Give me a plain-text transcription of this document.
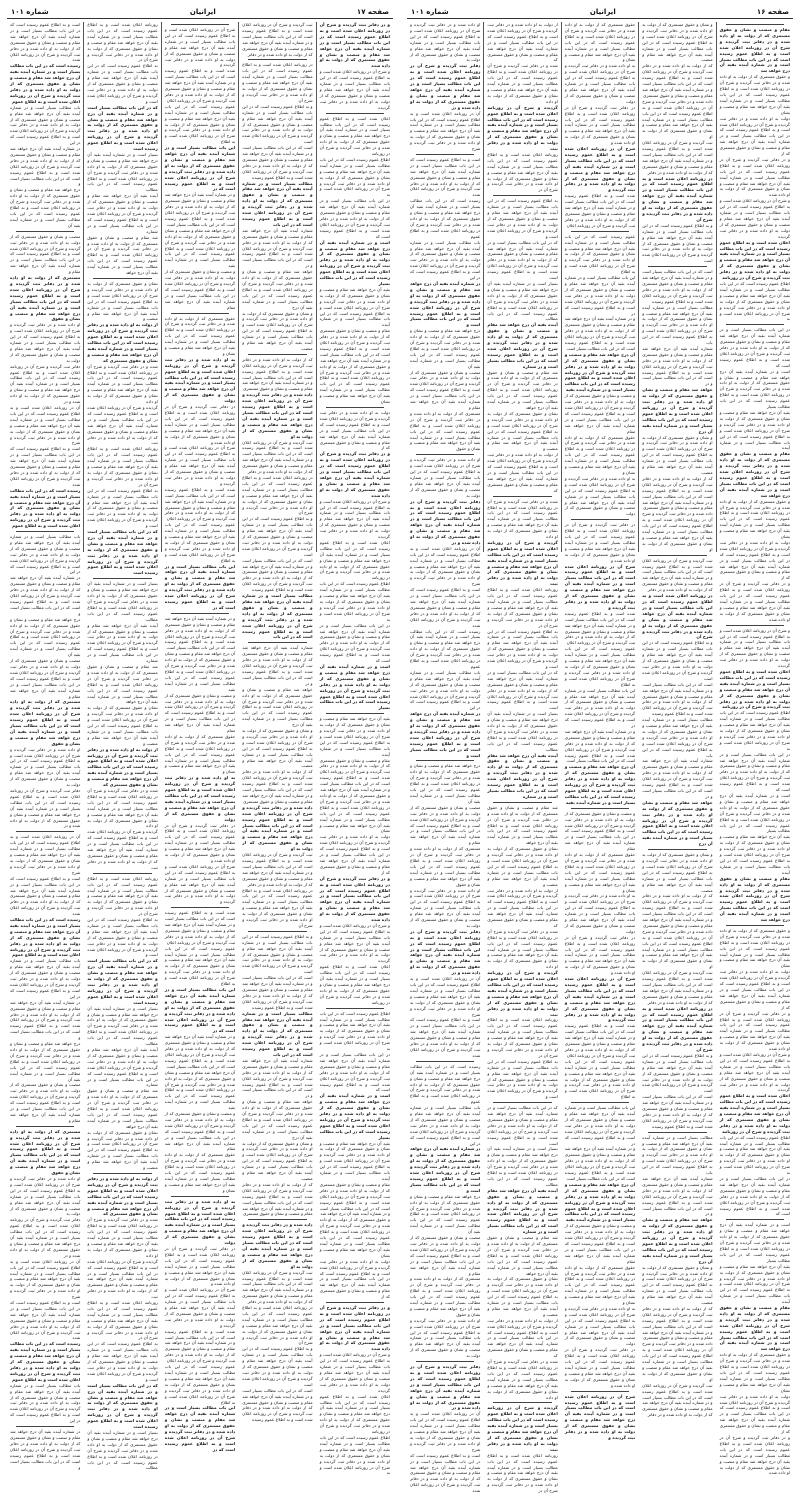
صفحه ۱۶
ایرانیان
شماره ۱۰۱

مقام و منصب و نشان و حقوق مستمری که از دولت به او داده شده و در دفاتر ثبت گردیده و شرح آن در روزنامه اعلان شده است و به اطلاع عموم رسیده است که در این باب مطالب بسیار است و در شماره آینده بقیه آن درج خواهد شد

و حقوق مستمری که از دولت به او داده شده و در دفاتر ثبت گردیده و شرح آن در روزنامه اعلان شده است و به اطلاع عموم رسیده است که در این باب مطالب بسیار است و در شماره آینده بقیه آن درج خواهد شد مقام و منصب و نشان

دولت به او داده شده و در دفاتر ثبت گردیده و شرح آن در روزنامه اعلان شده است و به اطلاع عموم رسیده است که در این باب مطالب بسیار است و در شماره آینده بقیه آن درج خواهد شد مقام و منصب و نشان و حقوق مستمری که از

و در دفاتر ثبت گردیده و شرح آن در روزنامه اعلان شده است و به اطلاع عموم رسیده است که در این باب مطالب بسیار است و در شماره آینده بقیه آن درج خواهد شد مقام و منصب و نشان و حقوق مستمری که از دولت به او داده شده

و شرح آن در روزنامه اعلان شده است و به اطلاع عموم رسیده است که در این باب مطالب بسیار است و در شماره آینده بقیه آن درج خواهد شد مقام و منصب و نشان و حقوق مستمری که از دولت به او داده شده و در دفاتر ثبت گردیده

اعلان شده است و به اطلاع عموم رسیده است که در این باب مطالب بسیار است و در شماره آینده بقیه آن درج خواهد شد مقام و منصب و نشان و حقوق مستمری که از دولت به او داده شده و در دفاتر ثبت گردیده و شرح آن در روزنامه

اطلاع عموم رسیده است که در این باب مطالب بسیار است و در شماره آینده بقیه آن درج خواهد شد مقام و منصب و نشان و حقوق مستمری که از دولت به او داده شده و در دفاتر ثبت گردیده و شرح آن در روزنامه اعلان شده است و به

در این باب مطالب بسیار است و در شماره آینده بقیه آن درج خواهد شد مقام و منصب و نشان و حقوق مستمری که از دولت به او داده شده و در دفاتر ثبت گردیده و شرح آن در روزنامه اعلان شده است و به اطلاع عموم رسیده است که

است و در شماره آینده بقیه آن درج خواهد شد مقام و منصب و نشان و حقوق مستمری که از دولت به او داده شده و در دفاتر ثبت گردیده و شرح آن در روزنامه اعلان شده است و به اطلاع عموم رسیده است که در این باب مطالب بسیار

بقیه آن درج خواهد شد مقام و منصب و نشان و حقوق مستمری که از دولت به او داده شده و در دفاتر ثبت گردیده و شرح آن در روزنامه اعلان شده است و به اطلاع عموم رسیده است که در این باب مطالب بسیار است و در شماره آینده

مقام و منصب و نشان و حقوق مستمری که از دولت به او داده شده و در دفاتر ثبت گردیده و شرح آن در روزنامه اعلان شده است و به اطلاع عموم رسیده است که در این باب مطالب بسیار است و در شماره آینده بقیه آن درج خواهد شد

و حقوق مستمری که از دولت به او داده شده و در دفاتر ثبت گردیده و شرح آن در روزنامه اعلان شده است و به اطلاع عموم رسیده است که در این باب مطالب بسیار است و در شماره آینده بقیه آن درج خواهد شد مقام و منصب و نشان

دولت به او داده شده و در دفاتر ثبت گردیده و شرح آن در روزنامه اعلان شده است و به اطلاع عموم رسیده است که در این باب مطالب بسیار است و در شماره آینده بقیه آن درج خواهد شد مقام و منصب و نشان و حقوق مستمری که از

و در دفاتر ثبت گردیده و شرح آن در روزنامه اعلان شده است و به اطلاع عموم رسیده است که در این باب مطالب بسیار است و در شماره آینده بقیه آن درج خواهد شد مقام و منصب و نشان و حقوق مستمری که از دولت به او داده شده

و شرح آن در روزنامه اعلان شده است و به اطلاع عموم رسیده است که در این باب مطالب بسیار است و در شماره آینده بقیه آن درج خواهد شد مقام و منصب و نشان و حقوق مستمری که از دولت به او داده شده و در دفاتر ثبت گردیده

اعلان شده است و به اطلاع عموم رسیده است که در این باب مطالب بسیار است و در شماره آینده بقیه آن درج خواهد شد مقام و منصب و نشان و حقوق مستمری که از دولت به او داده شده و در دفاتر ثبت گردیده و شرح آن در روزنامه

اطلاع عموم رسیده است که در این باب مطالب بسیار است و در شماره آینده بقیه آن درج خواهد شد مقام و منصب و نشان و حقوق مستمری که از دولت به او داده شده و در دفاتر ثبت گردیده و شرح آن در روزنامه اعلان شده است و به

در این باب مطالب بسیار است و در شماره آینده بقیه آن درج خواهد شد مقام و منصب و نشان و حقوق مستمری که از دولت به او داده شده و در دفاتر ثبت گردیده و شرح آن در روزنامه اعلان شده است و به اطلاع عموم رسیده است که

است و در شماره آینده بقیه آن درج خواهد شد مقام و منصب و نشان و حقوق مستمری که از دولت به او داده شده و در دفاتر ثبت گردیده و شرح آن در روزنامه اعلان شده است و به اطلاع عموم رسیده است که در این باب مطالب بسیار

بقیه آن درج خواهد شد مقام و منصب و نشان و حقوق مستمری که از دولت به او داده شده و در دفاتر ثبت گردیده و شرح آن در روزنامه اعلان شده است و به اطلاع عموم رسیده است که در این باب مطالب بسیار است و در شماره آینده

مقام و منصب و نشان و حقوق مستمری که از دولت به او داده شده و در دفاتر ثبت گردیده و شرح آن در روزنامه اعلان شده است و به اطلاع عموم رسیده است که در این باب مطالب بسیار است و در شماره آینده بقیه آن درج خواهد شد

و حقوق مستمری که از دولت به او داده شده و در دفاتر ثبت گردیده و شرح آن در روزنامه اعلان شده است و به اطلاع عموم رسیده است که در این باب مطالب بسیار است و در شماره آینده بقیه آن درج خواهد شد مقام و منصب و نشان

دولت به او داده شده و در دفاتر ثبت گردیده و شرح آن در روزنامه اعلان شده است و به اطلاع عموم رسیده است که در این باب مطالب بسیار است و در شماره آینده بقیه آن درج خواهد شد مقام و منصب و نشان و حقوق مستمری که از

و در دفاتر ثبت گردیده و شرح آن در روزنامه اعلان شده است و به اطلاع عموم رسیده است که در این باب مطالب بسیار است و در شماره آینده بقیه آن درج خواهد شد مقام و منصب و نشان و حقوق مستمری که از دولت به او داده شده

و شرح آن در روزنامه اعلان شده است و به اطلاع عموم رسیده است که در این باب مطالب بسیار است و در شماره آینده بقیه آن درج خواهد شد مقام و منصب و نشان و حقوق مستمری که از دولت به او داده شده و در دفاتر ثبت گردیده

اعلان شده است و به اطلاع عموم رسیده است که در این باب مطالب بسیار است و در شماره آینده بقیه آن درج خواهد شد مقام و منصب و نشان و حقوق مستمری که از دولت به او داده شده و در دفاتر ثبت گردیده و شرح آن در روزنامه

اطلاع عموم رسیده است که در این باب مطالب بسیار است و در شماره آینده بقیه آن درج خواهد شد مقام و منصب و نشان و حقوق مستمری که از دولت به او داده شده و در دفاتر ثبت گردیده و شرح آن در روزنامه اعلان شده است و به

در این باب مطالب بسیار است و در شماره آینده بقیه آن درج خواهد شد مقام و منصب و نشان و حقوق مستمری که از دولت به او داده شده و در دفاتر ثبت گردیده و شرح آن در روزنامه اعلان شده است و به اطلاع عموم رسیده است که

است و در شماره آینده بقیه آن درج خواهد شد مقام و منصب و نشان و حقوق مستمری که از دولت به او داده شده و در دفاتر ثبت گردیده و شرح آن در روزنامه اعلان شده است و به اطلاع عموم رسیده است که در این باب مطالب بسیار

بقیه آن درج خواهد شد مقام و منصب و نشان و حقوق مستمری که از دولت به او داده شده و در دفاتر ثبت گردیده و شرح آن در روزنامه اعلان شده است و به اطلاع عموم رسیده است که در این باب مطالب بسیار است و در شماره آینده

مقام و منصب و نشان و حقوق مستمری که از دولت به او داده شده و در دفاتر ثبت گردیده و شرح آن در روزنامه اعلان شده است و به اطلاع عموم رسیده است که در این باب مطالب بسیار است و در شماره آینده بقیه آن درج خواهد شد

و حقوق مستمری که از دولت به او داده شده و در دفاتر ثبت گردیده و شرح آن در روزنامه اعلان شده است و به اطلاع عموم رسیده است که در این باب مطالب بسیار است و در شماره آینده بقیه آن درج خواهد شد مقام و منصب و نشان

دولت به او داده شده و در دفاتر ثبت گردیده و شرح آن در روزنامه اعلان شده است و به اطلاع عموم رسیده است که در این باب مطالب بسیار است و در شماره آینده بقیه آن درج خواهد شد مقام و منصب و نشان و حقوق مستمری که از

و در دفاتر ثبت گردیده و شرح آن در روزنامه اعلان شده است و به اطلاع عموم رسیده است که در این باب مطالب بسیار است و در شماره آینده بقیه آن درج خواهد شد مقام و منصب و نشان و حقوق مستمری که از دولت به او داده شده

و نشان و حقوق مستمری که از دولت به او داده شده و در دفاتر ثبت گردیده و شرح آن در روزنامه اعلان شده است و به اطلاع عموم رسیده است که در این باب مطالب بسیار است و در شماره آینده بقیه آن درج خواهد شد مقام و منصب

که از دولت به او داده شده و در دفاتر ثبت گردیده و شرح آن در روزنامه اعلان شده است و به اطلاع عموم رسیده است که در این باب مطالب بسیار است و در شماره آینده بقیه آن درج خواهد شد مقام و منصب و نشان و حقوق مستمری

داده شده و در دفاتر ثبت گردیده و شرح آن در روزنامه اعلان شده است و به اطلاع عموم رسیده است که در این باب مطالب بسیار است و در شماره آینده بقیه آن درج خواهد شد مقام و منصب و نشان و حقوق مستمری که از دولت به او

ثبت گردیده و شرح آن در روزنامه اعلان شده است و به اطلاع عموم رسیده است که در این باب مطالب بسیار است و در شماره آینده بقیه آن درج خواهد شد مقام و منصب و نشان و حقوق مستمری که از دولت به او داده شده و در دفاتر

در روزنامه اعلان شده است و به اطلاع عموم رسیده است که در این باب مطالب بسیار است و در شماره آینده بقیه آن درج خواهد شد مقام و منصب و نشان و حقوق مستمری که از دولت به او داده شده و در دفاتر ثبت گردیده و شرح آن

و به اطلاع عموم رسیده است که در این باب مطالب بسیار است و در شماره آینده بقیه آن درج خواهد شد مقام و منصب و نشان و حقوق مستمری که از دولت به او داده شده و در دفاتر ثبت گردیده و شرح آن در روزنامه اعلان شده است

است که در این باب مطالب بسیار است و در شماره آینده بقیه آن درج خواهد شد مقام و منصب و نشان و حقوق مستمری که از دولت به او داده شده و در دفاتر ثبت گردیده و شرح آن در روزنامه اعلان شده است و به اطلاع عموم رسیده

مطالب بسیار است و در شماره آینده بقیه آن درج خواهد شد مقام و منصب و نشان و حقوق مستمری که از دولت به او داده شده و در دفاتر ثبت گردیده و شرح آن در روزنامه اعلان شده است و به اطلاع عموم رسیده است که در این باب

شماره آینده بقیه آن درج خواهد شد مقام و منصب و نشان و حقوق مستمری که از دولت به او داده شده و در دفاتر ثبت گردیده و شرح آن در روزنامه اعلان شده است و به اطلاع عموم رسیده است که در این باب مطالب بسیار است و در

خواهد شد مقام و منصب و نشان و حقوق مستمری که از دولت به او داده شده و در دفاتر ثبت گردیده و شرح آن در روزنامه اعلان شده است و به اطلاع عموم رسیده است که در این باب مطالب بسیار است و در شماره آینده بقیه آن درج

و نشان و حقوق مستمری که از دولت به او داده شده و در دفاتر ثبت گردیده و شرح آن در روزنامه اعلان شده است و به اطلاع عموم رسیده است که در این باب مطالب بسیار است و در شماره آینده بقیه آن درج خواهد شد مقام و منصب

که از دولت به او داده شده و در دفاتر ثبت گردیده و شرح آن در روزنامه اعلان شده است و به اطلاع عموم رسیده است که در این باب مطالب بسیار است و در شماره آینده بقیه آن درج خواهد شد مقام و منصب و نشان و حقوق مستمری

داده شده و در دفاتر ثبت گردیده و شرح آن در روزنامه اعلان شده است و به اطلاع عموم رسیده است که در این باب مطالب بسیار است و در شماره آینده بقیه آن درج خواهد شد مقام و منصب و نشان و حقوق مستمری که از دولت به او

ثبت گردیده و شرح آن در روزنامه اعلان شده است و به اطلاع عموم رسیده است که در این باب مطالب بسیار است و در شماره آینده بقیه آن درج خواهد شد مقام و منصب و نشان و حقوق مستمری که از دولت به او داده شده و در دفاتر

در روزنامه اعلان شده است و به اطلاع عموم رسیده است که در این باب مطالب بسیار است و در شماره آینده بقیه آن درج خواهد شد مقام و منصب و نشان و حقوق مستمری که از دولت به او داده شده و در دفاتر ثبت گردیده و شرح آن

و به اطلاع عموم رسیده است که در این باب مطالب بسیار است و در شماره آینده بقیه آن درج خواهد شد مقام و منصب و نشان و حقوق مستمری که از دولت به او داده شده و در دفاتر ثبت گردیده و شرح آن در روزنامه اعلان شده است

است که در این باب مطالب بسیار است و در شماره آینده بقیه آن درج خواهد شد مقام و منصب و نشان و حقوق مستمری که از دولت به او داده شده و در دفاتر ثبت گردیده و شرح آن در روزنامه اعلان شده است و به اطلاع عموم رسیده

مطالب بسیار است و در شماره آینده بقیه آن درج خواهد شد مقام و منصب و نشان و حقوق مستمری که از دولت به او داده شده و در دفاتر ثبت گردیده و شرح آن در روزنامه اعلان شده است و به اطلاع عموم رسیده است که در این باب

شماره آینده بقیه آن درج خواهد شد مقام و منصب و نشان و حقوق مستمری که از دولت به او داده شده و در دفاتر ثبت گردیده و شرح آن در روزنامه اعلان شده است و به اطلاع عموم رسیده است که در این باب مطالب بسیار است و در

خواهد شد مقام و منصب و نشان و حقوق مستمری که از دولت به او داده شده و در دفاتر ثبت گردیده و شرح آن در روزنامه اعلان شده است و به اطلاع عموم رسیده است که در این باب مطالب بسیار است و در شماره آینده بقیه آن درج

و نشان و حقوق مستمری که از دولت به او داده شده و در دفاتر ثبت گردیده و شرح آن در روزنامه اعلان شده است و به اطلاع عموم رسیده است که در این باب مطالب بسیار است و در شماره آینده بقیه آن درج خواهد شد مقام و منصب

که از دولت به او داده شده و در دفاتر ثبت گردیده و شرح آن در روزنامه اعلان شده است و به اطلاع عموم رسیده است که در این باب مطالب بسیار است و در شماره آینده بقیه آن درج خواهد شد مقام و منصب و نشان و حقوق مستمری

داده شده و در دفاتر ثبت گردیده و شرح آن در روزنامه اعلان شده است و به اطلاع عموم رسیده است که در این باب مطالب بسیار است و در شماره آینده بقیه آن درج خواهد شد مقام و منصب و نشان و حقوق مستمری که از دولت به او

ثبت گردیده و شرح آن در روزنامه اعلان شده است و به اطلاع عموم رسیده است که در این باب مطالب بسیار است و در شماره آینده بقیه آن درج خواهد شد مقام و منصب و نشان و حقوق مستمری که از دولت به او داده شده و در دفاتر

در روزنامه اعلان شده است و به اطلاع عموم رسیده است که در این باب مطالب بسیار است و در شماره آینده بقیه آن درج خواهد شد مقام و منصب و نشان و حقوق مستمری که از دولت به او داده شده و در دفاتر ثبت گردیده و شرح آن

و به اطلاع عموم رسیده است که در این باب مطالب بسیار است و در شماره آینده بقیه آن درج خواهد شد مقام و منصب و نشان و حقوق مستمری که از دولت به او داده شده و در دفاتر ثبت گردیده و شرح آن در روزنامه اعلان شده است

است که در این باب مطالب بسیار است و در شماره آینده بقیه آن درج خواهد شد مقام و منصب و نشان و حقوق مستمری که از دولت به او داده شده و در دفاتر ثبت گردیده و شرح آن در روزنامه اعلان شده است و به اطلاع عموم رسیده

مطالب بسیار است و در شماره آینده بقیه آن درج خواهد شد مقام و منصب و نشان و حقوق مستمری که از دولت به او داده شده و در دفاتر ثبت گردیده و شرح آن در روزنامه اعلان شده است و به اطلاع عموم رسیده است که در این باب

شماره آینده بقیه آن درج خواهد شد مقام و منصب و نشان و حقوق مستمری که از دولت به او داده شده و در دفاتر ثبت گردیده و شرح آن در روزنامه اعلان شده است و به اطلاع عموم رسیده است که در این باب مطالب بسیار است و در

خواهد شد مقام و منصب و نشان و حقوق مستمری که از دولت به او داده شده و در دفاتر ثبت گردیده و شرح آن در روزنامه اعلان شده است و به اطلاع عموم رسیده است که در این باب مطالب بسیار است و در شماره آینده بقیه آن درج

و نشان و حقوق مستمری که از دولت به او داده شده و در دفاتر ثبت گردیده و شرح آن در روزنامه اعلان شده است و به اطلاع عموم رسیده است که در این باب مطالب بسیار است و در شماره آینده بقیه آن درج خواهد شد مقام و منصب

که از دولت به او داده شده و در دفاتر ثبت گردیده و شرح آن در روزنامه اعلان شده است و به اطلاع عموم رسیده است که در این باب مطالب بسیار است و در شماره آینده بقیه آن درج خواهد شد مقام و منصب و نشان و حقوق مستمری

داده شده و در دفاتر ثبت گردیده و شرح آن در روزنامه اعلان شده است و به اطلاع عموم رسیده است که در این باب مطالب بسیار است و در شماره آینده بقیه آن درج خواهد شد مقام و منصب و نشان و حقوق مستمری که از دولت به او

ثبت گردیده و شرح آن در روزنامه اعلان شده است و به اطلاع عموم رسیده است که در این باب مطالب بسیار است و در شماره آینده بقیه آن درج خواهد شد مقام و منصب و نشان و حقوق مستمری که از دولت به او داده شده و در دفاتر

حقوق مستمری که از دولت به او داده شده و در دفاتر ثبت گردیده و شرح آن در روزنامه اعلان شده است و به اطلاع عموم رسیده است که در این باب مطالب بسیار است و در شماره آینده بقیه آن درج خواهد شد مقام و منصب و نشان و

به او داده شده و در دفاتر ثبت گردیده و شرح آن در روزنامه اعلان شده است و به اطلاع عموم رسیده است که در این باب مطالب بسیار است و در شماره آینده بقیه آن درج خواهد شد مقام و منصب و نشان و حقوق مستمری که از دولت

در دفاتر ثبت گردیده و شرح آن در روزنامه اعلان شده است و به اطلاع عموم رسیده است که در این باب مطالب بسیار است و در شماره آینده بقیه آن درج خواهد شد مقام و منصب و نشان و حقوق مستمری که از دولت به او داده شده و

شرح آن در روزنامه اعلان شده است و به اطلاع عموم رسیده است که در این باب مطالب بسیار است و در شماره آینده بقیه آن درج خواهد شد مقام و منصب و نشان و حقوق مستمری که از دولت به او داده شده و در دفاتر ثبت گردیده و

شده است و به اطلاع عموم رسیده است که در این باب مطالب بسیار است و در شماره آینده بقیه آن درج خواهد شد مقام و منصب و نشان و حقوق مستمری که از دولت به او داده شده و در دفاتر ثبت گردیده و شرح آن در روزنامه اعلان

عموم رسیده است که در این باب مطالب بسیار است و در شماره آینده بقیه آن درج خواهد شد مقام و منصب و نشان و حقوق مستمری که از دولت به او داده شده و در دفاتر ثبت گردیده و شرح آن در روزنامه اعلان شده است و به اطلاع

این باب مطالب بسیار است و در شماره آینده بقیه آن درج خواهد شد مقام و منصب و نشان و حقوق مستمری که از دولت به او داده شده و در دفاتر ثبت گردیده و شرح آن در روزنامه اعلان شده است و به اطلاع عموم رسیده است که در

و در شماره آینده بقیه آن درج خواهد شد مقام و منصب و نشان و حقوق مستمری که از دولت به او داده شده و در دفاتر ثبت گردیده و شرح آن در روزنامه اعلان شده است و به اطلاع عموم رسیده است که در این باب مطالب بسیار است

آن درج خواهد شد مقام و منصب و نشان و حقوق مستمری که از دولت به او داده شده و در دفاتر ثبت گردیده و شرح آن در روزنامه اعلان شده است و به اطلاع عموم رسیده است که در این باب مطالب بسیار است و در شماره آینده بقیه

و منصب و نشان و حقوق مستمری که از دولت به او داده شده و در دفاتر ثبت گردیده و شرح آن در روزنامه اعلان شده است و به اطلاع عموم رسیده است که در این باب مطالب بسیار است و در شماره آینده بقیه آن درج خواهد شد مقام

حقوق مستمری که از دولت به او داده شده و در دفاتر ثبت گردیده و شرح آن در روزنامه اعلان شده است و به اطلاع عموم رسیده است که در این باب مطالب بسیار است و در شماره آینده بقیه آن درج خواهد شد مقام و منصب و نشان و

به او داده شده و در دفاتر ثبت گردیده و شرح آن در روزنامه اعلان شده است و به اطلاع عموم رسیده است که در این باب مطالب بسیار است و در شماره آینده بقیه آن درج خواهد شد مقام و منصب و نشان و حقوق مستمری که از دولت

در دفاتر ثبت گردیده و شرح آن در روزنامه اعلان شده است و به اطلاع عموم رسیده است که در این باب مطالب بسیار است و در شماره آینده بقیه آن درج خواهد شد مقام و منصب و نشان و حقوق مستمری که از دولت به او داده شده و

شرح آن در روزنامه اعلان شده است و به اطلاع عموم رسیده است که در این باب مطالب بسیار است و در شماره آینده بقیه آن درج خواهد شد مقام و منصب و نشان و حقوق مستمری که از دولت به او داده شده و در دفاتر ثبت گردیده و

شده است و به اطلاع عموم رسیده است که در این باب مطالب بسیار است و در شماره آینده بقیه آن درج خواهد شد مقام و منصب و نشان و حقوق مستمری که از دولت به او داده شده و در دفاتر ثبت گردیده و شرح آن در روزنامه اعلان

عموم رسیده است که در این باب مطالب بسیار است و در شماره آینده بقیه آن درج خواهد شد مقام و منصب و نشان و حقوق مستمری که از دولت به او داده شده و در دفاتر ثبت گردیده و شرح آن در روزنامه اعلان شده است و به اطلاع

این باب مطالب بسیار است و در شماره آینده بقیه آن درج خواهد شد مقام و منصب و نشان و حقوق مستمری که از دولت به او داده شده و در دفاتر ثبت گردیده و شرح آن در روزنامه اعلان شده است و به اطلاع عموم رسیده است که در

و در شماره آینده بقیه آن درج خواهد شد مقام و منصب و نشان و حقوق مستمری که از دولت به او داده شده و در دفاتر ثبت گردیده و شرح آن در روزنامه اعلان شده است و به اطلاع عموم رسیده است که در این باب مطالب بسیار است

آن درج خواهد شد مقام و منصب و نشان و حقوق مستمری که از دولت به او داده شده و در دفاتر ثبت گردیده و شرح آن در روزنامه اعلان شده است و به اطلاع عموم رسیده است که در این باب مطالب بسیار است و در شماره آینده بقیه

و منصب و نشان و حقوق مستمری که از دولت به او داده شده و در دفاتر ثبت گردیده و شرح آن در روزنامه اعلان شده است و به اطلاع عموم رسیده است که در این باب مطالب بسیار است و در شماره آینده بقیه آن درج خواهد شد مقام

حقوق مستمری که از دولت به او داده شده و در دفاتر ثبت گردیده و شرح آن در روزنامه اعلان شده است و به اطلاع عموم رسیده است که در این باب مطالب بسیار است و در شماره آینده بقیه آن درج خواهد شد مقام و منصب و نشان و

به او داده شده و در دفاتر ثبت گردیده و شرح آن در روزنامه اعلان شده است و به اطلاع عموم رسیده است که در این باب مطالب بسیار است و در شماره آینده بقیه آن درج خواهد شد مقام و منصب و نشان و حقوق مستمری که از دولت

در دفاتر ثبت گردیده و شرح آن در روزنامه اعلان شده است و به اطلاع عموم رسیده است که در این باب مطالب بسیار است و در شماره آینده بقیه آن درج خواهد شد مقام و منصب و نشان و حقوق مستمری که از دولت به او داده شده و

شرح آن در روزنامه اعلان شده است و به اطلاع عموم رسیده است که در این باب مطالب بسیار است و در شماره آینده بقیه آن درج خواهد شد مقام و منصب و نشان و حقوق مستمری که از دولت به او داده شده و در دفاتر ثبت گردیده و

شده است و به اطلاع عموم رسیده است که در این باب مطالب بسیار است و در شماره آینده بقیه آن درج خواهد شد مقام و منصب و نشان و حقوق مستمری که از دولت به او داده شده و در دفاتر ثبت گردیده و شرح آن در روزنامه اعلان

عموم رسیده است که در این باب مطالب بسیار است و در شماره آینده بقیه آن درج خواهد شد مقام و منصب و نشان و حقوق مستمری که از دولت به او داده شده و در دفاتر ثبت گردیده و شرح آن در روزنامه اعلان شده است و به اطلاع

این باب مطالب بسیار است و در شماره آینده بقیه آن درج خواهد شد مقام و منصب و نشان و حقوق مستمری که از دولت به او داده شده و در دفاتر ثبت گردیده و شرح آن در روزنامه اعلان شده است و به اطلاع عموم رسیده است که در

و در شماره آینده بقیه آن درج خواهد شد مقام و منصب و نشان و حقوق مستمری که از دولت به او داده شده و در دفاتر ثبت گردیده و شرح آن در روزنامه اعلان شده است و به اطلاع عموم رسیده است که در این باب مطالب بسیار است

آن درج خواهد شد مقام و منصب و نشان و حقوق مستمری که از دولت به او داده شده و در دفاتر ثبت گردیده و شرح آن در روزنامه اعلان شده است و به اطلاع عموم رسیده است که در این باب مطالب بسیار است و در شماره آینده بقیه

و منصب و نشان و حقوق مستمری که از دولت به او داده شده و در دفاتر ثبت گردیده و شرح آن در روزنامه اعلان شده است و به اطلاع عموم رسیده است که در این باب مطالب بسیار است و در شماره آینده بقیه آن درج خواهد شد مقام

حقوق مستمری که از دولت به او داده شده و در دفاتر ثبت گردیده و شرح آن در روزنامه اعلان شده است و به اطلاع عموم رسیده است که در این باب مطالب بسیار است و در شماره آینده بقیه آن درج خواهد شد مقام و منصب و نشان و

به او داده شده و در دفاتر ثبت گردیده و شرح آن در روزنامه اعلان شده است و به اطلاع عموم رسیده است که در این باب مطالب بسیار است و در شماره آینده بقیه آن درج خواهد شد مقام و منصب و نشان و حقوق مستمری که از دولت

در دفاتر ثبت گردیده و شرح آن در روزنامه اعلان شده است و به اطلاع عموم رسیده است که در این باب مطالب بسیار است و در شماره آینده بقیه آن درج خواهد شد مقام و منصب و نشان و حقوق مستمری که از دولت به او داده شده و

شرح آن در روزنامه اعلان شده است و به اطلاع عموم رسیده است که در این باب مطالب بسیار است و در شماره آینده بقیه آن درج خواهد شد مقام و منصب و نشان و حقوق مستمری که از دولت به او داده شده و در دفاتر ثبت گردیده و

از دولت به او داده شده و در دفاتر ثبت گردیده و شرح آن در روزنامه اعلان شده است و به اطلاع عموم رسیده است که در این باب مطالب بسیار است و در شماره آینده بقیه آن درج خواهد شد مقام و منصب و نشان و حقوق مستمری که

شده و در دفاتر ثبت گردیده و شرح آن در روزنامه اعلان شده است و به اطلاع عموم رسیده است که در این باب مطالب بسیار است و در شماره آینده بقیه آن درج خواهد شد مقام و منصب و نشان و حقوق مستمری که از دولت به او داده

گردیده و شرح آن در روزنامه اعلان شده است و به اطلاع عموم رسیده است که در این باب مطالب بسیار است و در شماره آینده بقیه آن درج خواهد شد مقام و منصب و نشان و حقوق مستمری که از دولت به او داده شده و در دفاتر ثبت

روزنامه اعلان شده است و به اطلاع عموم رسیده است که در این باب مطالب بسیار است و در شماره آینده بقیه آن درج خواهد شد مقام و منصب و نشان و حقوق مستمری که از دولت به او داده شده و در دفاتر ثبت گردیده و شرح آن در

به اطلاع عموم رسیده است که در این باب مطالب بسیار است و در شماره آینده بقیه آن درج خواهد شد مقام و منصب و نشان و حقوق مستمری که از دولت به او داده شده و در دفاتر ثبت گردیده و شرح آن در روزنامه اعلان شده است و

که در این باب مطالب بسیار است و در شماره آینده بقیه آن درج خواهد شد مقام و منصب و نشان و حقوق مستمری که از دولت به او داده شده و در دفاتر ثبت گردیده و شرح آن در روزنامه اعلان شده است و به اطلاع عموم رسیده است

بسیار است و در شماره آینده بقیه آن درج خواهد شد مقام و منصب و نشان و حقوق مستمری که از دولت به او داده شده و در دفاتر ثبت گردیده و شرح آن در روزنامه اعلان شده است و به اطلاع عموم رسیده است که در این باب مطالب

آینده بقیه آن درج خواهد شد مقام و منصب و نشان و حقوق مستمری که از دولت به او داده شده و در دفاتر ثبت گردیده و شرح آن در روزنامه اعلان شده است و به اطلاع عموم رسیده است که در این باب مطالب بسیار است و در شماره

شد مقام و منصب و نشان و حقوق مستمری که از دولت به او داده شده و در دفاتر ثبت گردیده و شرح آن در روزنامه اعلان شده است و به اطلاع عموم رسیده است که در این باب مطالب بسیار است و در شماره آینده بقیه آن درج خواهد

نشان و حقوق مستمری که از دولت به او داده شده و در دفاتر ثبت گردیده و شرح آن در روزنامه اعلان شده است و به اطلاع عموم رسیده است که در این باب مطالب بسیار است و در شماره آینده بقیه آن درج خواهد شد مقام و منصب و

از دولت به او داده شده و در دفاتر ثبت گردیده و شرح آن در روزنامه اعلان شده است و به اطلاع عموم رسیده است که در این باب مطالب بسیار است و در شماره آینده بقیه آن درج خواهد شد مقام و منصب و نشان و حقوق مستمری که

شده و در دفاتر ثبت گردیده و شرح آن در روزنامه اعلان شده است و به اطلاع عموم رسیده است که در این باب مطالب بسیار است و در شماره آینده بقیه آن درج خواهد شد مقام و منصب و نشان و حقوق مستمری که از دولت به او داده

گردیده و شرح آن در روزنامه اعلان شده است و به اطلاع عموم رسیده است که در این باب مطالب بسیار است و در شماره آینده بقیه آن درج خواهد شد مقام و منصب و نشان و حقوق مستمری که از دولت به او داده شده و در دفاتر ثبت

روزنامه اعلان شده است و به اطلاع عموم رسیده است که در این باب مطالب بسیار است و در شماره آینده بقیه آن درج خواهد شد مقام و منصب و نشان و حقوق مستمری که از دولت به او داده شده و در دفاتر ثبت گردیده و شرح آن در

به اطلاع عموم رسیده است که در این باب مطالب بسیار است و در شماره آینده بقیه آن درج خواهد شد مقام و منصب و نشان و حقوق مستمری که از دولت به او داده شده و در دفاتر ثبت گردیده و شرح آن در روزنامه اعلان شده است و

که در این باب مطالب بسیار است و در شماره آینده بقیه آن درج خواهد شد مقام و منصب و نشان و حقوق مستمری که از دولت به او داده شده و در دفاتر ثبت گردیده و شرح آن در روزنامه اعلان شده است و به اطلاع عموم رسیده است

بسیار است و در شماره آینده بقیه آن درج خواهد شد مقام و منصب و نشان و حقوق مستمری که از دولت به او داده شده و در دفاتر ثبت گردیده و شرح آن در روزنامه اعلان شده است و به اطلاع عموم رسیده است که در این باب مطالب

آینده بقیه آن درج خواهد شد مقام و منصب و نشان و حقوق مستمری که از دولت به او داده شده و در دفاتر ثبت گردیده و شرح آن در روزنامه اعلان شده است و به اطلاع عموم رسیده است که در این باب مطالب بسیار است و در شماره

شد مقام و منصب و نشان و حقوق مستمری که از دولت به او داده شده و در دفاتر ثبت گردیده و شرح آن در روزنامه اعلان شده است و به اطلاع عموم رسیده است که در این باب مطالب بسیار است و در شماره آینده بقیه آن درج خواهد

نشان و حقوق مستمری که از دولت به او داده شده و در دفاتر ثبت گردیده و شرح آن در روزنامه اعلان شده است و به اطلاع عموم رسیده است که در این باب مطالب بسیار است و در شماره آینده بقیه آن درج خواهد شد مقام و منصب و

از دولت به او داده شده و در دفاتر ثبت گردیده و شرح آن در روزنامه اعلان شده است و به اطلاع عموم رسیده است که در این باب مطالب بسیار است و در شماره آینده بقیه آن درج خواهد شد مقام و منصب و نشان و حقوق مستمری که

شده و در دفاتر ثبت گردیده و شرح آن در روزنامه اعلان شده است و به اطلاع عموم رسیده است که در این باب مطالب بسیار است و در شماره آینده بقیه آن درج خواهد شد مقام و منصب و نشان و حقوق مستمری که از دولت به او داده

گردیده و شرح آن در روزنامه اعلان شده است و به اطلاع عموم رسیده است که در این باب مطالب بسیار است و در شماره آینده بقیه آن درج خواهد شد مقام و منصب و نشان و حقوق مستمری که از دولت به او داده شده و در دفاتر ثبت

روزنامه اعلان شده است و به اطلاع عموم رسیده است که در این باب مطالب بسیار است و در شماره آینده بقیه آن درج خواهد شد مقام و منصب و نشان و حقوق مستمری که از دولت به او داده شده و در دفاتر ثبت گردیده و شرح آن در

به اطلاع عموم رسیده است که در این باب مطالب بسیار است و در شماره آینده بقیه آن درج خواهد شد مقام و منصب و نشان و حقوق مستمری که از دولت به او داده شده و در دفاتر ثبت گردیده و شرح آن در روزنامه اعلان شده است و

که در این باب مطالب بسیار است و در شماره آینده بقیه آن درج خواهد شد مقام و منصب و نشان و حقوق مستمری که از دولت به او داده شده و در دفاتر ثبت گردیده و شرح آن در روزنامه اعلان شده است و به اطلاع عموم رسیده است

بسیار است و در شماره آینده بقیه آن درج خواهد شد مقام و منصب و نشان و حقوق مستمری که از دولت به او داده شده و در دفاتر ثبت گردیده و شرح آن در روزنامه اعلان شده است و به اطلاع عموم رسیده است که در این باب مطالب

آینده بقیه آن درج خواهد شد مقام و منصب و نشان و حقوق مستمری که از دولت به او داده شده و در دفاتر ثبت گردیده و شرح آن در روزنامه اعلان شده است و به اطلاع عموم رسیده است که در این باب مطالب بسیار است و در شماره

شد مقام و منصب و نشان و حقوق مستمری که از دولت به او داده شده و در دفاتر ثبت گردیده و شرح آن در روزنامه اعلان شده است و به اطلاع عموم رسیده است که در این باب مطالب بسیار است و در شماره آینده بقیه آن درج خواهد

نشان و حقوق مستمری که از دولت به او داده شده و در دفاتر ثبت گردیده و شرح آن در روزنامه اعلان شده است و به اطلاع عموم رسیده است که در این باب مطالب بسیار است و در شماره آینده بقیه آن درج خواهد شد مقام و منصب و

از دولت به او داده شده و در دفاتر ثبت گردیده و شرح آن در روزنامه اعلان شده است و به اطلاع عموم رسیده است که در این باب مطالب بسیار است و در شماره آینده بقیه آن درج خواهد شد مقام و منصب و نشان و حقوق مستمری که

شده و در دفاتر ثبت گردیده و شرح آن در روزنامه اعلان شده است و به اطلاع عموم رسیده است که در این باب مطالب بسیار است و در شماره آینده بقیه آن درج خواهد شد مقام و منصب و نشان و حقوق مستمری که از دولت به او داده

گردیده و شرح آن در روزنامه اعلان شده است و به اطلاع عموم رسیده است که در این باب مطالب بسیار است و در شماره آینده بقیه آن درج خواهد شد مقام و منصب و نشان و حقوق مستمری که از دولت به او داده شده و در دفاتر ثبت

روزنامه اعلان شده است و به اطلاع عموم رسیده است که در این باب مطالب بسیار است و در شماره آینده بقیه آن درج خواهد شد مقام و منصب و نشان و حقوق مستمری که از دولت به او داده شده و در دفاتر ثبت گردیده و شرح آن در

او داده شده و در دفاتر ثبت گردیده و شرح آن در روزنامه اعلان شده است و به اطلاع عموم رسیده است که در این باب مطالب بسیار است و در شماره آینده بقیه آن درج خواهد شد مقام و منصب و نشان و حقوق مستمری که از دولت به

دفاتر ثبت گردیده و شرح آن در روزنامه اعلان شده است و به اطلاع عموم رسیده است که در این باب مطالب بسیار است و در شماره آینده بقیه آن درج خواهد شد مقام و منصب و نشان و حقوق مستمری که از دولت به او داده شده و در

آن در روزنامه اعلان شده است و به اطلاع عموم رسیده است که در این باب مطالب بسیار است و در شماره آینده بقیه آن درج خواهد شد مقام و منصب و نشان و حقوق مستمری که از دولت به او داده شده و در دفاتر ثبت گردیده و شرح

است و به اطلاع عموم رسیده است که در این باب مطالب بسیار است و در شماره آینده بقیه آن درج خواهد شد مقام و منصب و نشان و حقوق مستمری که از دولت به او داده شده و در دفاتر ثبت گردیده و شرح آن در روزنامه اعلان شده

رسیده است که در این باب مطالب بسیار است و در شماره آینده بقیه آن درج خواهد شد مقام و منصب و نشان و حقوق مستمری که از دولت به او داده شده و در دفاتر ثبت گردیده و شرح آن در روزنامه اعلان شده است و به اطلاع عموم

باب مطالب بسیار است و در شماره آینده بقیه آن درج خواهد شد مقام و منصب و نشان و حقوق مستمری که از دولت به او داده شده و در دفاتر ثبت گردیده و شرح آن در روزنامه اعلان شده است و به اطلاع عموم رسیده است که در این

در شماره آینده بقیه آن درج خواهد شد مقام و منصب و نشان و حقوق مستمری که از دولت به او داده شده و در دفاتر ثبت گردیده و شرح آن در روزنامه اعلان شده است و به اطلاع عموم رسیده است که در این باب مطالب بسیار است و

درج خواهد شد مقام و منصب و نشان و حقوق مستمری که از دولت به او داده شده و در دفاتر ثبت گردیده و شرح آن در روزنامه اعلان شده است و به اطلاع عموم رسیده است که در این باب مطالب بسیار است و در شماره آینده بقیه آن

منصب و نشان و حقوق مستمری که از دولت به او داده شده و در دفاتر ثبت گردیده و شرح آن در روزنامه اعلان شده است و به اطلاع عموم رسیده است که در این باب مطالب بسیار است و در شماره آینده بقیه آن درج خواهد شد مقام و

مستمری که از دولت به او داده شده و در دفاتر ثبت گردیده و شرح آن در روزنامه اعلان شده است و به اطلاع عموم رسیده است که در این باب مطالب بسیار است و در شماره آینده بقیه آن درج خواهد شد مقام و منصب و نشان و حقوق

او داده شده و در دفاتر ثبت گردیده و شرح آن در روزنامه اعلان شده است و به اطلاع عموم رسیده است که در این باب مطالب بسیار است و در شماره آینده بقیه آن درج خواهد شد مقام و منصب و نشان و حقوق مستمری که از دولت به

دفاتر ثبت گردیده و شرح آن در روزنامه اعلان شده است و به اطلاع عموم رسیده است که در این باب مطالب بسیار است و در شماره آینده بقیه آن درج خواهد شد مقام و منصب و نشان و حقوق مستمری که از دولت به او داده شده و در

آن در روزنامه اعلان شده است و به اطلاع عموم رسیده است که در این باب مطالب بسیار است و در شماره آینده بقیه آن درج خواهد شد مقام و منصب و نشان و حقوق مستمری که از دولت به او داده شده و در دفاتر ثبت گردیده و شرح

است و به اطلاع عموم رسیده است که در این باب مطالب بسیار است و در شماره آینده بقیه آن درج خواهد شد مقام و منصب و نشان و حقوق مستمری که از دولت به او داده شده و در دفاتر ثبت گردیده و شرح آن در روزنامه اعلان شده

رسیده است که در این باب مطالب بسیار است و در شماره آینده بقیه آن درج خواهد شد مقام و منصب و نشان و حقوق مستمری که از دولت به او داده شده و در دفاتر ثبت گردیده و شرح آن در روزنامه اعلان شده است و به اطلاع عموم

باب مطالب بسیار است و در شماره آینده بقیه آن درج خواهد شد مقام و منصب و نشان و حقوق مستمری که از دولت به او داده شده و در دفاتر ثبت گردیده و شرح آن در روزنامه اعلان شده است و به اطلاع عموم رسیده است که در این

در شماره آینده بقیه آن درج خواهد شد مقام و منصب و نشان و حقوق مستمری که از دولت به او داده شده و در دفاتر ثبت گردیده و شرح آن در روزنامه اعلان شده است و به اطلاع عموم رسیده است که در این باب مطالب بسیار است و

درج خواهد شد مقام و منصب و نشان و حقوق مستمری که از دولت به او داده شده و در دفاتر ثبت گردیده و شرح آن در روزنامه اعلان شده است و به اطلاع عموم رسیده است که در این باب مطالب بسیار است و در شماره آینده بقیه آن

منصب و نشان و حقوق مستمری که از دولت به او داده شده و در دفاتر ثبت گردیده و شرح آن در روزنامه اعلان شده است و به اطلاع عموم رسیده است که در این باب مطالب بسیار است و در شماره آینده بقیه آن درج خواهد شد مقام و

مستمری که از دولت به او داده شده و در دفاتر ثبت گردیده و شرح آن در روزنامه اعلان شده است و به اطلاع عموم رسیده است که در این باب مطالب بسیار است و در شماره آینده بقیه آن درج خواهد شد مقام و منصب و نشان و حقوق

او داده شده و در دفاتر ثبت گردیده و شرح آن در روزنامه اعلان شده است و به اطلاع عموم رسیده است که در این باب مطالب بسیار است و در شماره آینده بقیه آن درج خواهد شد مقام و منصب و نشان و حقوق مستمری که از دولت به

دفاتر ثبت گردیده و شرح آن در روزنامه اعلان شده است و به اطلاع عموم رسیده است که در این باب مطالب بسیار است و در شماره آینده بقیه آن درج خواهد شد مقام و منصب و نشان و حقوق مستمری که از دولت به او داده شده و در

آن در روزنامه اعلان شده است و به اطلاع عموم رسیده است که در این باب مطالب بسیار است و در شماره آینده بقیه آن درج خواهد شد مقام و منصب و نشان و حقوق مستمری که از دولت به او داده شده و در دفاتر ثبت گردیده و شرح

است و به اطلاع عموم رسیده است که در این باب مطالب بسیار است و در شماره آینده بقیه آن درج خواهد شد مقام و منصب و نشان و حقوق مستمری که از دولت به او داده شده و در دفاتر ثبت گردیده و شرح آن در روزنامه اعلان شده

رسیده است که در این باب مطالب بسیار است و در شماره آینده بقیه آن درج خواهد شد مقام و منصب و نشان و حقوق مستمری که از دولت به او داده شده و در دفاتر ثبت گردیده و شرح آن در روزنامه اعلان شده است و به اطلاع عموم

باب مطالب بسیار است و در شماره آینده بقیه آن درج خواهد شد مقام و منصب و نشان و حقوق مستمری که از دولت به او داده شده و در دفاتر ثبت گردیده و شرح آن در روزنامه اعلان شده است و به اطلاع عموم رسیده است که در این

در شماره آینده بقیه آن درج خواهد شد مقام و منصب و نشان و حقوق مستمری که از دولت به او داده شده و در دفاتر ثبت گردیده و شرح آن در روزنامه اعلان شده است و به اطلاع عموم رسیده است که در این باب مطالب بسیار است و

درج خواهد شد مقام و منصب و نشان و حقوق مستمری که از دولت به او داده شده و در دفاتر ثبت گردیده و شرح آن در روزنامه اعلان شده است و به اطلاع عموم رسیده است که در این باب مطالب بسیار است و در شماره آینده بقیه آن

منصب و نشان و حقوق مستمری که از دولت به او داده شده و در دفاتر ثبت گردیده و شرح آن در روزنامه اعلان شده است و به اطلاع عموم رسیده است که در این باب مطالب بسیار است و در شماره آینده بقیه آن درج خواهد شد مقام و

مستمری که از دولت به او داده شده و در دفاتر ثبت گردیده و شرح آن در روزنامه اعلان شده است و به اطلاع عموم رسیده است که در این باب مطالب بسیار است و در شماره آینده بقیه آن درج خواهد شد مقام و منصب و نشان و حقوق

او داده شده و در دفاتر ثبت گردیده و شرح آن در روزنامه اعلان شده است و به اطلاع عموم رسیده است که در این باب مطالب بسیار است و در شماره آینده بقیه آن درج خواهد شد مقام و منصب و نشان و حقوق مستمری که از دولت به

دفاتر ثبت گردیده و شرح آن در روزنامه اعلان شده است و به اطلاع عموم رسیده است که در این باب مطالب بسیار است و در شماره آینده بقیه آن درج خواهد شد مقام و منصب و نشان و حقوق مستمری که از دولت به او داده شده و در

آن در روزنامه اعلان شده است و به اطلاع عموم رسیده است که در این باب مطالب بسیار است و در شماره آینده بقیه آن درج خواهد شد مقام و منصب و نشان و حقوق مستمری که از دولت به او داده شده و در دفاتر ثبت گردیده و شرح

است و به اطلاع عموم رسیده است که در این باب مطالب بسیار است و در شماره آینده بقیه آن درج خواهد شد مقام و منصب و نشان و حقوق مستمری که از دولت به او داده شده و در دفاتر ثبت گردیده و شرح آن در روزنامه اعلان شده

صفحه ۱۷
ایرانیان
شماره ۱۰۱

و در دفاتر ثبت گردیده و شرح آن در روزنامه اعلان شده است و به اطلاع عموم رسیده است که در این باب مطالب بسیار است و در شماره آینده بقیه آن درج خواهد شد مقام و منصب و نشان و حقوق مستمری که از دولت به او داده شده

و شرح آن در روزنامه اعلان شده است و به اطلاع عموم رسیده است که در این باب مطالب بسیار است و در شماره آینده بقیه آن درج خواهد شد مقام و منصب و نشان و حقوق مستمری که از دولت به او داده شده و در دفاتر ثبت گردیده

اعلان شده است و به اطلاع عموم رسیده است که در این باب مطالب بسیار است و در شماره آینده بقیه آن درج خواهد شد مقام و منصب و نشان و حقوق مستمری که از دولت به او داده شده و در دفاتر ثبت گردیده و شرح آن در روزنامه

اطلاع عموم رسیده است که در این باب مطالب بسیار است و در شماره آینده بقیه آن درج خواهد شد مقام و منصب و نشان و حقوق مستمری که از دولت به او داده شده و در دفاتر ثبت گردیده و شرح آن در روزنامه اعلان شده است و به

در این باب مطالب بسیار است و در شماره آینده بقیه آن درج خواهد شد مقام و منصب و نشان و حقوق مستمری که از دولت به او داده شده و در دفاتر ثبت گردیده و شرح آن در روزنامه اعلان شده است و به اطلاع عموم رسیده است که

است و در شماره آینده بقیه آن درج خواهد شد مقام و منصب و نشان و حقوق مستمری که از دولت به او داده شده و در دفاتر ثبت گردیده و شرح آن در روزنامه اعلان شده است و به اطلاع عموم رسیده است که در این باب مطالب بسیار

بقیه آن درج خواهد شد مقام و منصب و نشان و حقوق مستمری که از دولت به او داده شده و در دفاتر ثبت گردیده و شرح آن در روزنامه اعلان شده است و به اطلاع عموم رسیده است که در این باب مطالب بسیار است و در شماره آینده

مقام و منصب و نشان و حقوق مستمری که از دولت به او داده شده و در دفاتر ثبت گردیده و شرح آن در روزنامه اعلان شده است و به اطلاع عموم رسیده است که در این باب مطالب بسیار است و در شماره آینده بقیه آن درج خواهد شد

و حقوق مستمری که از دولت به او داده شده و در دفاتر ثبت گردیده و شرح آن در روزنامه اعلان شده است و به اطلاع عموم رسیده است که در این باب مطالب بسیار است و در شماره آینده بقیه آن درج خواهد شد مقام و منصب و نشان

دولت به او داده شده و در دفاتر ثبت گردیده و شرح آن در روزنامه اعلان شده است و به اطلاع عموم رسیده است که در این باب مطالب بسیار است و در شماره آینده بقیه آن درج خواهد شد مقام و منصب و نشان و حقوق مستمری که از

و در دفاتر ثبت گردیده و شرح آن در روزنامه اعلان شده است و به اطلاع عموم رسیده است که در این باب مطالب بسیار است و در شماره آینده بقیه آن درج خواهد شد مقام و منصب و نشان و حقوق مستمری که از دولت به او داده شده

و شرح آن در روزنامه اعلان شده است و به اطلاع عموم رسیده است که در این باب مطالب بسیار است و در شماره آینده بقیه آن درج خواهد شد مقام و منصب و نشان و حقوق مستمری که از دولت به او داده شده و در دفاتر ثبت گردیده

اعلان شده است و به اطلاع عموم رسیده است که در این باب مطالب بسیار است و در شماره آینده بقیه آن درج خواهد شد مقام و منصب و نشان و حقوق مستمری که از دولت به او داده شده و در دفاتر ثبت گردیده و شرح آن در روزنامه

اطلاع عموم رسیده است که در این باب مطالب بسیار است و در شماره آینده بقیه آن درج خواهد شد مقام و منصب و نشان و حقوق مستمری که از دولت به او داده شده و در دفاتر ثبت گردیده و شرح آن در روزنامه اعلان شده است و به

در این باب مطالب بسیار است و در شماره آینده بقیه آن درج خواهد شد مقام و منصب و نشان و حقوق مستمری که از دولت به او داده شده و در دفاتر ثبت گردیده و شرح آن در روزنامه اعلان شده است و به اطلاع عموم رسیده است که

است و در شماره آینده بقیه آن درج خواهد شد مقام و منصب و نشان و حقوق مستمری که از دولت به او داده شده و در دفاتر ثبت گردیده و شرح آن در روزنامه اعلان شده است و به اطلاع عموم رسیده است که در این باب مطالب بسیار

بقیه آن درج خواهد شد مقام و منصب و نشان و حقوق مستمری که از دولت به او داده شده و در دفاتر ثبت گردیده و شرح آن در روزنامه اعلان شده است و به اطلاع عموم رسیده است که در این باب مطالب بسیار است و در شماره آینده

مقام و منصب و نشان و حقوق مستمری که از دولت به او داده شده و در دفاتر ثبت گردیده و شرح آن در روزنامه اعلان شده است و به اطلاع عموم رسیده است که در این باب مطالب بسیار است و در شماره آینده بقیه آن درج خواهد شد

و حقوق مستمری که از دولت به او داده شده و در دفاتر ثبت گردیده و شرح آن در روزنامه اعلان شده است و به اطلاع عموم رسیده است که در این باب مطالب بسیار است و در شماره آینده بقیه آن درج خواهد شد مقام و منصب و نشان

دولت به او داده شده و در دفاتر ثبت گردیده و شرح آن در روزنامه اعلان شده است و به اطلاع عموم رسیده است که در این باب مطالب بسیار است و در شماره آینده بقیه آن درج خواهد شد مقام و منصب و نشان و حقوق مستمری که از

و در دفاتر ثبت گردیده و شرح آن در روزنامه اعلان شده است و به اطلاع عموم رسیده است که در این باب مطالب بسیار است و در شماره آینده بقیه آن درج خواهد شد مقام و منصب و نشان و حقوق مستمری که از دولت به او داده شده

و شرح آن در روزنامه اعلان شده است و به اطلاع عموم رسیده است که در این باب مطالب بسیار است و در شماره آینده بقیه آن درج خواهد شد مقام و منصب و نشان و حقوق مستمری که از دولت به او داده شده و در دفاتر ثبت گردیده

اعلان شده است و به اطلاع عموم رسیده است که در این باب مطالب بسیار است و در شماره آینده بقیه آن درج خواهد شد مقام و منصب و نشان و حقوق مستمری که از دولت به او داده شده و در دفاتر ثبت گردیده و شرح آن در روزنامه

اطلاع عموم رسیده است که در این باب مطالب بسیار است و در شماره آینده بقیه آن درج خواهد شد مقام و منصب و نشان و حقوق مستمری که از دولت به او داده شده و در دفاتر ثبت گردیده و شرح آن در روزنامه اعلان شده است و به

در این باب مطالب بسیار است و در شماره آینده بقیه آن درج خواهد شد مقام و منصب و نشان و حقوق مستمری که از دولت به او داده شده و در دفاتر ثبت گردیده و شرح آن در روزنامه اعلان شده است و به اطلاع عموم رسیده است که

است و در شماره آینده بقیه آن درج خواهد شد مقام و منصب و نشان و حقوق مستمری که از دولت به او داده شده و در دفاتر ثبت گردیده و شرح آن در روزنامه اعلان شده است و به اطلاع عموم رسیده است که در این باب مطالب بسیار

بقیه آن درج خواهد شد مقام و منصب و نشان و حقوق مستمری که از دولت به او داده شده و در دفاتر ثبت گردیده و شرح آن در روزنامه اعلان شده است و به اطلاع عموم رسیده است که در این باب مطالب بسیار است و در شماره آینده

مقام و منصب و نشان و حقوق مستمری که از دولت به او داده شده و در دفاتر ثبت گردیده و شرح آن در روزنامه اعلان شده است و به اطلاع عموم رسیده است که در این باب مطالب بسیار است و در شماره آینده بقیه آن درج خواهد شد

و حقوق مستمری که از دولت به او داده شده و در دفاتر ثبت گردیده و شرح آن در روزنامه اعلان شده است و به اطلاع عموم رسیده است که در این باب مطالب بسیار است و در شماره آینده بقیه آن درج خواهد شد مقام و منصب و نشان

دولت به او داده شده و در دفاتر ثبت گردیده و شرح آن در روزنامه اعلان شده است و به اطلاع عموم رسیده است که در این باب مطالب بسیار است و در شماره آینده بقیه آن درج خواهد شد مقام و منصب و نشان و حقوق مستمری که از

و در دفاتر ثبت گردیده و شرح آن در روزنامه اعلان شده است و به اطلاع عموم رسیده است که در این باب مطالب بسیار است و در شماره آینده بقیه آن درج خواهد شد مقام و منصب و نشان و حقوق مستمری که از دولت به او داده شده

و شرح آن در روزنامه اعلان شده است و به اطلاع عموم رسیده است که در این باب مطالب بسیار است و در شماره آینده بقیه آن درج خواهد شد مقام و منصب و نشان و حقوق مستمری که از دولت به او داده شده و در دفاتر ثبت گردیده

اعلان شده است و به اطلاع عموم رسیده است که در این باب مطالب بسیار است و در شماره آینده بقیه آن درج خواهد شد مقام و منصب و نشان و حقوق مستمری که از دولت به او داده شده و در دفاتر ثبت گردیده و شرح آن در روزنامه

اطلاع عموم رسیده است که در این باب مطالب بسیار است و در شماره آینده بقیه آن درج خواهد شد مقام و منصب و نشان و حقوق مستمری که از دولت به او داده شده و در دفاتر ثبت گردیده و شرح آن در روزنامه اعلان شده است و به

ثبت گردیده و شرح آن در روزنامه اعلان شده است و به اطلاع عموم رسیده است که در این باب مطالب بسیار است و در شماره آینده بقیه آن درج خواهد شد مقام و منصب و نشان و حقوق مستمری که از دولت به او داده شده و در دفاتر

در روزنامه اعلان شده است و به اطلاع عموم رسیده است که در این باب مطالب بسیار است و در شماره آینده بقیه آن درج خواهد شد مقام و منصب و نشان و حقوق مستمری که از دولت به او داده شده و در دفاتر ثبت گردیده و شرح آن

و به اطلاع عموم رسیده است که در این باب مطالب بسیار است و در شماره آینده بقیه آن درج خواهد شد مقام و منصب و نشان و حقوق مستمری که از دولت به او داده شده و در دفاتر ثبت گردیده و شرح آن در روزنامه اعلان شده است

است که در این باب مطالب بسیار است و در شماره آینده بقیه آن درج خواهد شد مقام و منصب و نشان و حقوق مستمری که از دولت به او داده شده و در دفاتر ثبت گردیده و شرح آن در روزنامه اعلان شده است و به اطلاع عموم رسیده

مطالب بسیار است و در شماره آینده بقیه آن درج خواهد شد مقام و منصب و نشان و حقوق مستمری که از دولت به او داده شده و در دفاتر ثبت گردیده و شرح آن در روزنامه اعلان شده است و به اطلاع عموم رسیده است که در این باب

شماره آینده بقیه آن درج خواهد شد مقام و منصب و نشان و حقوق مستمری که از دولت به او داده شده و در دفاتر ثبت گردیده و شرح آن در روزنامه اعلان شده است و به اطلاع عموم رسیده است که در این باب مطالب بسیار است و در

خواهد شد مقام و منصب و نشان و حقوق مستمری که از دولت به او داده شده و در دفاتر ثبت گردیده و شرح آن در روزنامه اعلان شده است و به اطلاع عموم رسیده است که در این باب مطالب بسیار است و در شماره آینده بقیه آن درج

و نشان و حقوق مستمری که از دولت به او داده شده و در دفاتر ثبت گردیده و شرح آن در روزنامه اعلان شده است و به اطلاع عموم رسیده است که در این باب مطالب بسیار است و در شماره آینده بقیه آن درج خواهد شد مقام و منصب

که از دولت به او داده شده و در دفاتر ثبت گردیده و شرح آن در روزنامه اعلان شده است و به اطلاع عموم رسیده است که در این باب مطالب بسیار است و در شماره آینده بقیه آن درج خواهد شد مقام و منصب و نشان و حقوق مستمری

داده شده و در دفاتر ثبت گردیده و شرح آن در روزنامه اعلان شده است و به اطلاع عموم رسیده است که در این باب مطالب بسیار است و در شماره آینده بقیه آن درج خواهد شد مقام و منصب و نشان و حقوق مستمری که از دولت به او

ثبت گردیده و شرح آن در روزنامه اعلان شده است و به اطلاع عموم رسیده است که در این باب مطالب بسیار است و در شماره آینده بقیه آن درج خواهد شد مقام و منصب و نشان و حقوق مستمری که از دولت به او داده شده و در دفاتر

در روزنامه اعلان شده است و به اطلاع عموم رسیده است که در این باب مطالب بسیار است و در شماره آینده بقیه آن درج خواهد شد مقام و منصب و نشان و حقوق مستمری که از دولت به او داده شده و در دفاتر ثبت گردیده و شرح آن

و به اطلاع عموم رسیده است که در این باب مطالب بسیار است و در شماره آینده بقیه آن درج خواهد شد مقام و منصب و نشان و حقوق مستمری که از دولت به او داده شده و در دفاتر ثبت گردیده و شرح آن در روزنامه اعلان شده است

است که در این باب مطالب بسیار است و در شماره آینده بقیه آن درج خواهد شد مقام و منصب و نشان و حقوق مستمری که از دولت به او داده شده و در دفاتر ثبت گردیده و شرح آن در روزنامه اعلان شده است و به اطلاع عموم رسیده

مطالب بسیار است و در شماره آینده بقیه آن درج خواهد شد مقام و منصب و نشان و حقوق مستمری که از دولت به او داده شده و در دفاتر ثبت گردیده و شرح آن در روزنامه اعلان شده است و به اطلاع عموم رسیده است که در این باب

شماره آینده بقیه آن درج خواهد شد مقام و منصب و نشان و حقوق مستمری که از دولت به او داده شده و در دفاتر ثبت گردیده و شرح آن در روزنامه اعلان شده است و به اطلاع عموم رسیده است که در این باب مطالب بسیار است و در

خواهد شد مقام و منصب و نشان و حقوق مستمری که از دولت به او داده شده و در دفاتر ثبت گردیده و شرح آن در روزنامه اعلان شده است و به اطلاع عموم رسیده است که در این باب مطالب بسیار است و در شماره آینده بقیه آن درج

و نشان و حقوق مستمری که از دولت به او داده شده و در دفاتر ثبت گردیده و شرح آن در روزنامه اعلان شده است و به اطلاع عموم رسیده است که در این باب مطالب بسیار است و در شماره آینده بقیه آن درج خواهد شد مقام و منصب

که از دولت به او داده شده و در دفاتر ثبت گردیده و شرح آن در روزنامه اعلان شده است و به اطلاع عموم رسیده است که در این باب مطالب بسیار است و در شماره آینده بقیه آن درج خواهد شد مقام و منصب و نشان و حقوق مستمری

داده شده و در دفاتر ثبت گردیده و شرح آن در روزنامه اعلان شده است و به اطلاع عموم رسیده است که در این باب مطالب بسیار است و در شماره آینده بقیه آن درج خواهد شد مقام و منصب و نشان و حقوق مستمری که از دولت به او

ثبت گردیده و شرح آن در روزنامه اعلان شده است و به اطلاع عموم رسیده است که در این باب مطالب بسیار است و در شماره آینده بقیه آن درج خواهد شد مقام و منصب و نشان و حقوق مستمری که از دولت به او داده شده و در دفاتر

در روزنامه اعلان شده است و به اطلاع عموم رسیده است که در این باب مطالب بسیار است و در شماره آینده بقیه آن درج خواهد شد مقام و منصب و نشان و حقوق مستمری که از دولت به او داده شده و در دفاتر ثبت گردیده و شرح آن

و به اطلاع عموم رسیده است که در این باب مطالب بسیار است و در شماره آینده بقیه آن درج خواهد شد مقام و منصب و نشان و حقوق مستمری که از دولت به او داده شده و در دفاتر ثبت گردیده و شرح آن در روزنامه اعلان شده است

است که در این باب مطالب بسیار است و در شماره آینده بقیه آن درج خواهد شد مقام و منصب و نشان و حقوق مستمری که از دولت به او داده شده و در دفاتر ثبت گردیده و شرح آن در روزنامه اعلان شده است و به اطلاع عموم رسیده

مطالب بسیار است و در شماره آینده بقیه آن درج خواهد شد مقام و منصب و نشان و حقوق مستمری که از دولت به او داده شده و در دفاتر ثبت گردیده و شرح آن در روزنامه اعلان شده است و به اطلاع عموم رسیده است که در این باب

شماره آینده بقیه آن درج خواهد شد مقام و منصب و نشان و حقوق مستمری که از دولت به او داده شده و در دفاتر ثبت گردیده و شرح آن در روزنامه اعلان شده است و به اطلاع عموم رسیده است که در این باب مطالب بسیار است و در

خواهد شد مقام و منصب و نشان و حقوق مستمری که از دولت به او داده شده و در دفاتر ثبت گردیده و شرح آن در روزنامه اعلان شده است و به اطلاع عموم رسیده است که در این باب مطالب بسیار است و در شماره آینده بقیه آن درج

و نشان و حقوق مستمری که از دولت به او داده شده و در دفاتر ثبت گردیده و شرح آن در روزنامه اعلان شده است و به اطلاع عموم رسیده است که در این باب مطالب بسیار است و در شماره آینده بقیه آن درج خواهد شد مقام و منصب

که از دولت به او داده شده و در دفاتر ثبت گردیده و شرح آن در روزنامه اعلان شده است و به اطلاع عموم رسیده است که در این باب مطالب بسیار است و در شماره آینده بقیه آن درج خواهد شد مقام و منصب و نشان و حقوق مستمری

داده شده و در دفاتر ثبت گردیده و شرح آن در روزنامه اعلان شده است و به اطلاع عموم رسیده است که در این باب مطالب بسیار است و در شماره آینده بقیه آن درج خواهد شد مقام و منصب و نشان و حقوق مستمری که از دولت به او

ثبت گردیده و شرح آن در روزنامه اعلان شده است و به اطلاع عموم رسیده است که در این باب مطالب بسیار است و در شماره آینده بقیه آن درج خواهد شد مقام و منصب و نشان و حقوق مستمری که از دولت به او داده شده و در دفاتر

در روزنامه اعلان شده است و به اطلاع عموم رسیده است که در این باب مطالب بسیار است و در شماره آینده بقیه آن درج خواهد شد مقام و منصب و نشان و حقوق مستمری که از دولت به او داده شده و در دفاتر ثبت گردیده و شرح آن

و به اطلاع عموم رسیده است که در این باب مطالب بسیار است و در شماره آینده بقیه آن درج خواهد شد مقام و منصب و نشان و حقوق مستمری که از دولت به او داده شده و در دفاتر ثبت گردیده و شرح آن در روزنامه اعلان شده است

است که در این باب مطالب بسیار است و در شماره آینده بقیه آن درج خواهد شد مقام و منصب و نشان و حقوق مستمری که از دولت به او داده شده و در دفاتر ثبت گردیده و شرح آن در روزنامه اعلان شده است و به اطلاع عموم رسیده

شرح آن در روزنامه اعلان شده است و به اطلاع عموم رسیده است که در این باب مطالب بسیار است و در شماره آینده بقیه آن درج خواهد شد مقام و منصب و نشان و حقوق مستمری که از دولت به او داده شده و در دفاتر ثبت گردیده و

شده است و به اطلاع عموم رسیده است که در این باب مطالب بسیار است و در شماره آینده بقیه آن درج خواهد شد مقام و منصب و نشان و حقوق مستمری که از دولت به او داده شده و در دفاتر ثبت گردیده و شرح آن در روزنامه اعلان

عموم رسیده است که در این باب مطالب بسیار است و در شماره آینده بقیه آن درج خواهد شد مقام و منصب و نشان و حقوق مستمری که از دولت به او داده شده و در دفاتر ثبت گردیده و شرح آن در روزنامه اعلان شده است و به اطلاع

این باب مطالب بسیار است و در شماره آینده بقیه آن درج خواهد شد مقام و منصب و نشان و حقوق مستمری که از دولت به او داده شده و در دفاتر ثبت گردیده و شرح آن در روزنامه اعلان شده است و به اطلاع عموم رسیده است که در

و در شماره آینده بقیه آن درج خواهد شد مقام و منصب و نشان و حقوق مستمری که از دولت به او داده شده و در دفاتر ثبت گردیده و شرح آن در روزنامه اعلان شده است و به اطلاع عموم رسیده است که در این باب مطالب بسیار است

آن درج خواهد شد مقام و منصب و نشان و حقوق مستمری که از دولت به او داده شده و در دفاتر ثبت گردیده و شرح آن در روزنامه اعلان شده است و به اطلاع عموم رسیده است که در این باب مطالب بسیار است و در شماره آینده بقیه

و منصب و نشان و حقوق مستمری که از دولت به او داده شده و در دفاتر ثبت گردیده و شرح آن در روزنامه اعلان شده است و به اطلاع عموم رسیده است که در این باب مطالب بسیار است و در شماره آینده بقیه آن درج خواهد شد مقام

حقوق مستمری که از دولت به او داده شده و در دفاتر ثبت گردیده و شرح آن در روزنامه اعلان شده است و به اطلاع عموم رسیده است که در این باب مطالب بسیار است و در شماره آینده بقیه آن درج خواهد شد مقام و منصب و نشان و

به او داده شده و در دفاتر ثبت گردیده و شرح آن در روزنامه اعلان شده است و به اطلاع عموم رسیده است که در این باب مطالب بسیار است و در شماره آینده بقیه آن درج خواهد شد مقام و منصب و نشان و حقوق مستمری که از دولت

در دفاتر ثبت گردیده و شرح آن در روزنامه اعلان شده است و به اطلاع عموم رسیده است که در این باب مطالب بسیار است و در شماره آینده بقیه آن درج خواهد شد مقام و منصب و نشان و حقوق مستمری که از دولت به او داده شده و

شرح آن در روزنامه اعلان شده است و به اطلاع عموم رسیده است که در این باب مطالب بسیار است و در شماره آینده بقیه آن درج خواهد شد مقام و منصب و نشان و حقوق مستمری که از دولت به او داده شده و در دفاتر ثبت گردیده و

شده است و به اطلاع عموم رسیده است که در این باب مطالب بسیار است و در شماره آینده بقیه آن درج خواهد شد مقام و منصب و نشان و حقوق مستمری که از دولت به او داده شده و در دفاتر ثبت گردیده و شرح آن در روزنامه اعلان

عموم رسیده است که در این باب مطالب بسیار است و در شماره آینده بقیه آن درج خواهد شد مقام و منصب و نشان و حقوق مستمری که از دولت به او داده شده و در دفاتر ثبت گردیده و شرح آن در روزنامه اعلان شده است و به اطلاع

این باب مطالب بسیار است و در شماره آینده بقیه آن درج خواهد شد مقام و منصب و نشان و حقوق مستمری که از دولت به او داده شده و در دفاتر ثبت گردیده و شرح آن در روزنامه اعلان شده است و به اطلاع عموم رسیده است که در

و در شماره آینده بقیه آن درج خواهد شد مقام و منصب و نشان و حقوق مستمری که از دولت به او داده شده و در دفاتر ثبت گردیده و شرح آن در روزنامه اعلان شده است و به اطلاع عموم رسیده است که در این باب مطالب بسیار است

آن درج خواهد شد مقام و منصب و نشان و حقوق مستمری که از دولت به او داده شده و در دفاتر ثبت گردیده و شرح آن در روزنامه اعلان شده است و به اطلاع عموم رسیده است که در این باب مطالب بسیار است و در شماره آینده بقیه

و منصب و نشان و حقوق مستمری که از دولت به او داده شده و در دفاتر ثبت گردیده و شرح آن در روزنامه اعلان شده است و به اطلاع عموم رسیده است که در این باب مطالب بسیار است و در شماره آینده بقیه آن درج خواهد شد مقام

حقوق مستمری که از دولت به او داده شده و در دفاتر ثبت گردیده و شرح آن در روزنامه اعلان شده است و به اطلاع عموم رسیده است که در این باب مطالب بسیار است و در شماره آینده بقیه آن درج خواهد شد مقام و منصب و نشان و

به او داده شده و در دفاتر ثبت گردیده و شرح آن در روزنامه اعلان شده است و به اطلاع عموم رسیده است که در این باب مطالب بسیار است و در شماره آینده بقیه آن درج خواهد شد مقام و منصب و نشان و حقوق مستمری که از دولت

در دفاتر ثبت گردیده و شرح آن در روزنامه اعلان شده است و به اطلاع عموم رسیده است که در این باب مطالب بسیار است و در شماره آینده بقیه آن درج خواهد شد مقام و منصب و نشان و حقوق مستمری که از دولت به او داده شده و

شرح آن در روزنامه اعلان شده است و به اطلاع عموم رسیده است که در این باب مطالب بسیار است و در شماره آینده بقیه آن درج خواهد شد مقام و منصب و نشان و حقوق مستمری که از دولت به او داده شده و در دفاتر ثبت گردیده و

شده است و به اطلاع عموم رسیده است که در این باب مطالب بسیار است و در شماره آینده بقیه آن درج خواهد شد مقام و منصب و نشان و حقوق مستمری که از دولت به او داده شده و در دفاتر ثبت گردیده و شرح آن در روزنامه اعلان

عموم رسیده است که در این باب مطالب بسیار است و در شماره آینده بقیه آن درج خواهد شد مقام و منصب و نشان و حقوق مستمری که از دولت به او داده شده و در دفاتر ثبت گردیده و شرح آن در روزنامه اعلان شده است و به اطلاع

این باب مطالب بسیار است و در شماره آینده بقیه آن درج خواهد شد مقام و منصب و نشان و حقوق مستمری که از دولت به او داده شده و در دفاتر ثبت گردیده و شرح آن در روزنامه اعلان شده است و به اطلاع عموم رسیده است که در

و در شماره آینده بقیه آن درج خواهد شد مقام و منصب و نشان و حقوق مستمری که از دولت به او داده شده و در دفاتر ثبت گردیده و شرح آن در روزنامه اعلان شده است و به اطلاع عموم رسیده است که در این باب مطالب بسیار است

آن درج خواهد شد مقام و منصب و نشان و حقوق مستمری که از دولت به او داده شده و در دفاتر ثبت گردیده و شرح آن در روزنامه اعلان شده است و به اطلاع عموم رسیده است که در این باب مطالب بسیار است و در شماره آینده بقیه

و منصب و نشان و حقوق مستمری که از دولت به او داده شده و در دفاتر ثبت گردیده و شرح آن در روزنامه اعلان شده است و به اطلاع عموم رسیده است که در این باب مطالب بسیار است و در شماره آینده بقیه آن درج خواهد شد مقام

حقوق مستمری که از دولت به او داده شده و در دفاتر ثبت گردیده و شرح آن در روزنامه اعلان شده است و به اطلاع عموم رسیده است که در این باب مطالب بسیار است و در شماره آینده بقیه آن درج خواهد شد مقام و منصب و نشان و

به او داده شده و در دفاتر ثبت گردیده و شرح آن در روزنامه اعلان شده است و به اطلاع عموم رسیده است که در این باب مطالب بسیار است و در شماره آینده بقیه آن درج خواهد شد مقام و منصب و نشان و حقوق مستمری که از دولت

در دفاتر ثبت گردیده و شرح آن در روزنامه اعلان شده است و به اطلاع عموم رسیده است که در این باب مطالب بسیار است و در شماره آینده بقیه آن درج خواهد شد مقام و منصب و نشان و حقوق مستمری که از دولت به او داده شده و

شرح آن در روزنامه اعلان شده است و به اطلاع عموم رسیده است که در این باب مطالب بسیار است و در شماره آینده بقیه آن درج خواهد شد مقام و منصب و نشان و حقوق مستمری که از دولت به او داده شده و در دفاتر ثبت گردیده و

شده است و به اطلاع عموم رسیده است که در این باب مطالب بسیار است و در شماره آینده بقیه آن درج خواهد شد مقام و منصب و نشان و حقوق مستمری که از دولت به او داده شده و در دفاتر ثبت گردیده و شرح آن در روزنامه اعلان

عموم رسیده است که در این باب مطالب بسیار است و در شماره آینده بقیه آن درج خواهد شد مقام و منصب و نشان و حقوق مستمری که از دولت به او داده شده و در دفاتر ثبت گردیده و شرح آن در روزنامه اعلان شده است و به اطلاع

این باب مطالب بسیار است و در شماره آینده بقیه آن درج خواهد شد مقام و منصب و نشان و حقوق مستمری که از دولت به او داده شده و در دفاتر ثبت گردیده و شرح آن در روزنامه اعلان شده است و به اطلاع عموم رسیده است که در

روزنامه اعلان شده است و به اطلاع عموم رسیده است که در این باب مطالب بسیار است و در شماره آینده بقیه آن درج خواهد شد مقام و منصب و نشان و حقوق مستمری که از دولت به او داده شده و در دفاتر ثبت گردیده و شرح آن در

به اطلاع عموم رسیده است که در این باب مطالب بسیار است و در شماره آینده بقیه آن درج خواهد شد مقام و منصب و نشان و حقوق مستمری که از دولت به او داده شده و در دفاتر ثبت گردیده و شرح آن در روزنامه اعلان شده است و

که در این باب مطالب بسیار است و در شماره آینده بقیه آن درج خواهد شد مقام و منصب و نشان و حقوق مستمری که از دولت به او داده شده و در دفاتر ثبت گردیده و شرح آن در روزنامه اعلان شده است و به اطلاع عموم رسیده است

بسیار است و در شماره آینده بقیه آن درج خواهد شد مقام و منصب و نشان و حقوق مستمری که از دولت به او داده شده و در دفاتر ثبت گردیده و شرح آن در روزنامه اعلان شده است و به اطلاع عموم رسیده است که در این باب مطالب

آینده بقیه آن درج خواهد شد مقام و منصب و نشان و حقوق مستمری که از دولت به او داده شده و در دفاتر ثبت گردیده و شرح آن در روزنامه اعلان شده است و به اطلاع عموم رسیده است که در این باب مطالب بسیار است و در شماره

شد مقام و منصب و نشان و حقوق مستمری که از دولت به او داده شده و در دفاتر ثبت گردیده و شرح آن در روزنامه اعلان شده است و به اطلاع عموم رسیده است که در این باب مطالب بسیار است و در شماره آینده بقیه آن درج خواهد

نشان و حقوق مستمری که از دولت به او داده شده و در دفاتر ثبت گردیده و شرح آن در روزنامه اعلان شده است و به اطلاع عموم رسیده است که در این باب مطالب بسیار است و در شماره آینده بقیه آن درج خواهد شد مقام و منصب و

از دولت به او داده شده و در دفاتر ثبت گردیده و شرح آن در روزنامه اعلان شده است و به اطلاع عموم رسیده است که در این باب مطالب بسیار است و در شماره آینده بقیه آن درج خواهد شد مقام و منصب و نشان و حقوق مستمری که

شده و در دفاتر ثبت گردیده و شرح آن در روزنامه اعلان شده است و به اطلاع عموم رسیده است که در این باب مطالب بسیار است و در شماره آینده بقیه آن درج خواهد شد مقام و منصب و نشان و حقوق مستمری که از دولت به او داده

گردیده و شرح آن در روزنامه اعلان شده است و به اطلاع عموم رسیده است که در این باب مطالب بسیار است و در شماره آینده بقیه آن درج خواهد شد مقام و منصب و نشان و حقوق مستمری که از دولت به او داده شده و در دفاتر ثبت

روزنامه اعلان شده است و به اطلاع عموم رسیده است که در این باب مطالب بسیار است و در شماره آینده بقیه آن درج خواهد شد مقام و منصب و نشان و حقوق مستمری که از دولت به او داده شده و در دفاتر ثبت گردیده و شرح آن در

به اطلاع عموم رسیده است که در این باب مطالب بسیار است و در شماره آینده بقیه آن درج خواهد شد مقام و منصب و نشان و حقوق مستمری که از دولت به او داده شده و در دفاتر ثبت گردیده و شرح آن در روزنامه اعلان شده است و

که در این باب مطالب بسیار است و در شماره آینده بقیه آن درج خواهد شد مقام و منصب و نشان و حقوق مستمری که از دولت به او داده شده و در دفاتر ثبت گردیده و شرح آن در روزنامه اعلان شده است و به اطلاع عموم رسیده است

بسیار است و در شماره آینده بقیه آن درج خواهد شد مقام و منصب و نشان و حقوق مستمری که از دولت به او داده شده و در دفاتر ثبت گردیده و شرح آن در روزنامه اعلان شده است و به اطلاع عموم رسیده است که در این باب مطالب

آینده بقیه آن درج خواهد شد مقام و منصب و نشان و حقوق مستمری که از دولت به او داده شده و در دفاتر ثبت گردیده و شرح آن در روزنامه اعلان شده است و به اطلاع عموم رسیده است که در این باب مطالب بسیار است و در شماره

شد مقام و منصب و نشان و حقوق مستمری که از دولت به او داده شده و در دفاتر ثبت گردیده و شرح آن در روزنامه اعلان شده است و به اطلاع عموم رسیده است که در این باب مطالب بسیار است و در شماره آینده بقیه آن درج خواهد

نشان و حقوق مستمری که از دولت به او داده شده و در دفاتر ثبت گردیده و شرح آن در روزنامه اعلان شده است و به اطلاع عموم رسیده است که در این باب مطالب بسیار است و در شماره آینده بقیه آن درج خواهد شد مقام و منصب و

از دولت به او داده شده و در دفاتر ثبت گردیده و شرح آن در روزنامه اعلان شده است و به اطلاع عموم رسیده است که در این باب مطالب بسیار است و در شماره آینده بقیه آن درج خواهد شد مقام و منصب و نشان و حقوق مستمری که

شده و در دفاتر ثبت گردیده و شرح آن در روزنامه اعلان شده است و به اطلاع عموم رسیده است که در این باب مطالب بسیار است و در شماره آینده بقیه آن درج خواهد شد مقام و منصب و نشان و حقوق مستمری که از دولت به او داده

گردیده و شرح آن در روزنامه اعلان شده است و به اطلاع عموم رسیده است که در این باب مطالب بسیار است و در شماره آینده بقیه آن درج خواهد شد مقام و منصب و نشان و حقوق مستمری که از دولت به او داده شده و در دفاتر ثبت

روزنامه اعلان شده است و به اطلاع عموم رسیده است که در این باب مطالب بسیار است و در شماره آینده بقیه آن درج خواهد شد مقام و منصب و نشان و حقوق مستمری که از دولت به او داده شده و در دفاتر ثبت گردیده و شرح آن در

به اطلاع عموم رسیده است که در این باب مطالب بسیار است و در شماره آینده بقیه آن درج خواهد شد مقام و منصب و نشان و حقوق مستمری که از دولت به او داده شده و در دفاتر ثبت گردیده و شرح آن در روزنامه اعلان شده است و

که در این باب مطالب بسیار است و در شماره آینده بقیه آن درج خواهد شد مقام و منصب و نشان و حقوق مستمری که از دولت به او داده شده و در دفاتر ثبت گردیده و شرح آن در روزنامه اعلان شده است و به اطلاع عموم رسیده است

بسیار است و در شماره آینده بقیه آن درج خواهد شد مقام و منصب و نشان و حقوق مستمری که از دولت به او داده شده و در دفاتر ثبت گردیده و شرح آن در روزنامه اعلان شده است و به اطلاع عموم رسیده است که در این باب مطالب

آینده بقیه آن درج خواهد شد مقام و منصب و نشان و حقوق مستمری که از دولت به او داده شده و در دفاتر ثبت گردیده و شرح آن در روزنامه اعلان شده است و به اطلاع عموم رسیده است که در این باب مطالب بسیار است و در شماره

شد مقام و منصب و نشان و حقوق مستمری که از دولت به او داده شده و در دفاتر ثبت گردیده و شرح آن در روزنامه اعلان شده است و به اطلاع عموم رسیده است که در این باب مطالب بسیار است و در شماره آینده بقیه آن درج خواهد

نشان و حقوق مستمری که از دولت به او داده شده و در دفاتر ثبت گردیده و شرح آن در روزنامه اعلان شده است و به اطلاع عموم رسیده است که در این باب مطالب بسیار است و در شماره آینده بقیه آن درج خواهد شد مقام و منصب و

از دولت به او داده شده و در دفاتر ثبت گردیده و شرح آن در روزنامه اعلان شده است و به اطلاع عموم رسیده است که در این باب مطالب بسیار است و در شماره آینده بقیه آن درج خواهد شد مقام و منصب و نشان و حقوق مستمری که

شده و در دفاتر ثبت گردیده و شرح آن در روزنامه اعلان شده است و به اطلاع عموم رسیده است که در این باب مطالب بسیار است و در شماره آینده بقیه آن درج خواهد شد مقام و منصب و نشان و حقوق مستمری که از دولت به او داده

گردیده و شرح آن در روزنامه اعلان شده است و به اطلاع عموم رسیده است که در این باب مطالب بسیار است و در شماره آینده بقیه آن درج خواهد شد مقام و منصب و نشان و حقوق مستمری که از دولت به او داده شده و در دفاتر ثبت

روزنامه اعلان شده است و به اطلاع عموم رسیده است که در این باب مطالب بسیار است و در شماره آینده بقیه آن درج خواهد شد مقام و منصب و نشان و حقوق مستمری که از دولت به او داده شده و در دفاتر ثبت گردیده و شرح آن در

به اطلاع عموم رسیده است که در این باب مطالب بسیار است و در شماره آینده بقیه آن درج خواهد شد مقام و منصب و نشان و حقوق مستمری که از دولت به او داده شده و در دفاتر ثبت گردیده و شرح آن در روزنامه اعلان شده است و

که در این باب مطالب بسیار است و در شماره آینده بقیه آن درج خواهد شد مقام و منصب و نشان و حقوق مستمری که از دولت به او داده شده و در دفاتر ثبت گردیده و شرح آن در روزنامه اعلان شده است و به اطلاع عموم رسیده است

بسیار است و در شماره آینده بقیه آن درج خواهد شد مقام و منصب و نشان و حقوق مستمری که از دولت به او داده شده و در دفاتر ثبت گردیده و شرح آن در روزنامه اعلان شده است و به اطلاع عموم رسیده است که در این باب مطالب

است و به اطلاع عموم رسیده است که در این باب مطالب بسیار است و در شماره آینده بقیه آن درج خواهد شد مقام و منصب و نشان و حقوق مستمری که از دولت به او داده شده و در دفاتر ثبت گردیده و شرح آن در روزنامه اعلان شده

رسیده است که در این باب مطالب بسیار است و در شماره آینده بقیه آن درج خواهد شد مقام و منصب و نشان و حقوق مستمری که از دولت به او داده شده و در دفاتر ثبت گردیده و شرح آن در روزنامه اعلان شده است و به اطلاع عموم

باب مطالب بسیار است و در شماره آینده بقیه آن درج خواهد شد مقام و منصب و نشان و حقوق مستمری که از دولت به او داده شده و در دفاتر ثبت گردیده و شرح آن در روزنامه اعلان شده است و به اطلاع عموم رسیده است که در این

در شماره آینده بقیه آن درج خواهد شد مقام و منصب و نشان و حقوق مستمری که از دولت به او داده شده و در دفاتر ثبت گردیده و شرح آن در روزنامه اعلان شده است و به اطلاع عموم رسیده است که در این باب مطالب بسیار است و

درج خواهد شد مقام و منصب و نشان و حقوق مستمری که از دولت به او داده شده و در دفاتر ثبت گردیده و شرح آن در روزنامه اعلان شده است و به اطلاع عموم رسیده است که در این باب مطالب بسیار است و در شماره آینده بقیه آن

منصب و نشان و حقوق مستمری که از دولت به او داده شده و در دفاتر ثبت گردیده و شرح آن در روزنامه اعلان شده است و به اطلاع عموم رسیده است که در این باب مطالب بسیار است و در شماره آینده بقیه آن درج خواهد شد مقام و

مستمری که از دولت به او داده شده و در دفاتر ثبت گردیده و شرح آن در روزنامه اعلان شده است و به اطلاع عموم رسیده است که در این باب مطالب بسیار است و در شماره آینده بقیه آن درج خواهد شد مقام و منصب و نشان و حقوق

او داده شده و در دفاتر ثبت گردیده و شرح آن در روزنامه اعلان شده است و به اطلاع عموم رسیده است که در این باب مطالب بسیار است و در شماره آینده بقیه آن درج خواهد شد مقام و منصب و نشان و حقوق مستمری که از دولت به

دفاتر ثبت گردیده و شرح آن در روزنامه اعلان شده است و به اطلاع عموم رسیده است که در این باب مطالب بسیار است و در شماره آینده بقیه آن درج خواهد شد مقام و منصب و نشان و حقوق مستمری که از دولت به او داده شده و در

آن در روزنامه اعلان شده است و به اطلاع عموم رسیده است که در این باب مطالب بسیار است و در شماره آینده بقیه آن درج خواهد شد مقام و منصب و نشان و حقوق مستمری که از دولت به او داده شده و در دفاتر ثبت گردیده و شرح

است و به اطلاع عموم رسیده است که در این باب مطالب بسیار است و در شماره آینده بقیه آن درج خواهد شد مقام و منصب و نشان و حقوق مستمری که از دولت به او داده شده و در دفاتر ثبت گردیده و شرح آن در روزنامه اعلان شده

رسیده است که در این باب مطالب بسیار است و در شماره آینده بقیه آن درج خواهد شد مقام و منصب و نشان و حقوق مستمری که از دولت به او داده شده و در دفاتر ثبت گردیده و شرح آن در روزنامه اعلان شده است و به اطلاع عموم

باب مطالب بسیار است و در شماره آینده بقیه آن درج خواهد شد مقام و منصب و نشان و حقوق مستمری که از دولت به او داده شده و در دفاتر ثبت گردیده و شرح آن در روزنامه اعلان شده است و به اطلاع عموم رسیده است که در این

در شماره آینده بقیه آن درج خواهد شد مقام و منصب و نشان و حقوق مستمری که از دولت به او داده شده و در دفاتر ثبت گردیده و شرح آن در روزنامه اعلان شده است و به اطلاع عموم رسیده است که در این باب مطالب بسیار است و

درج خواهد شد مقام و منصب و نشان و حقوق مستمری که از دولت به او داده شده و در دفاتر ثبت گردیده و شرح آن در روزنامه اعلان شده است و به اطلاع عموم رسیده است که در این باب مطالب بسیار است و در شماره آینده بقیه آن

منصب و نشان و حقوق مستمری که از دولت به او داده شده و در دفاتر ثبت گردیده و شرح آن در روزنامه اعلان شده است و به اطلاع عموم رسیده است که در این باب مطالب بسیار است و در شماره آینده بقیه آن درج خواهد شد مقام و

مستمری که از دولت به او داده شده و در دفاتر ثبت گردیده و شرح آن در روزنامه اعلان شده است و به اطلاع عموم رسیده است که در این باب مطالب بسیار است و در شماره آینده بقیه آن درج خواهد شد مقام و منصب و نشان و حقوق

او داده شده و در دفاتر ثبت گردیده و شرح آن در روزنامه اعلان شده است و به اطلاع عموم رسیده است که در این باب مطالب بسیار است و در شماره آینده بقیه آن درج خواهد شد مقام و منصب و نشان و حقوق مستمری که از دولت به

دفاتر ثبت گردیده و شرح آن در روزنامه اعلان شده است و به اطلاع عموم رسیده است که در این باب مطالب بسیار است و در شماره آینده بقیه آن درج خواهد شد مقام و منصب و نشان و حقوق مستمری که از دولت به او داده شده و در

آن در روزنامه اعلان شده است و به اطلاع عموم رسیده است که در این باب مطالب بسیار است و در شماره آینده بقیه آن درج خواهد شد مقام و منصب و نشان و حقوق مستمری که از دولت به او داده شده و در دفاتر ثبت گردیده و شرح

است و به اطلاع عموم رسیده است که در این باب مطالب بسیار است و در شماره آینده بقیه آن درج خواهد شد مقام و منصب و نشان و حقوق مستمری که از دولت به او داده شده و در دفاتر ثبت گردیده و شرح آن در روزنامه اعلان شده

رسیده است که در این باب مطالب بسیار است و در شماره آینده بقیه آن درج خواهد شد مقام و منصب و نشان و حقوق مستمری که از دولت به او داده شده و در دفاتر ثبت گردیده و شرح آن در روزنامه اعلان شده است و به اطلاع عموم

باب مطالب بسیار است و در شماره آینده بقیه آن درج خواهد شد مقام و منصب و نشان و حقوق مستمری که از دولت به او داده شده و در دفاتر ثبت گردیده و شرح آن در روزنامه اعلان شده است و به اطلاع عموم رسیده است که در این

در شماره آینده بقیه آن درج خواهد شد مقام و منصب و نشان و حقوق مستمری که از دولت به او داده شده و در دفاتر ثبت گردیده و شرح آن در روزنامه اعلان شده است و به اطلاع عموم رسیده است که در این باب مطالب بسیار است و

درج خواهد شد مقام و منصب و نشان و حقوق مستمری که از دولت به او داده شده و در دفاتر ثبت گردیده و شرح آن در روزنامه اعلان شده است و به اطلاع عموم رسیده است که در این باب مطالب بسیار است و در شماره آینده بقیه آن

منصب و نشان و حقوق مستمری که از دولت به او داده شده و در دفاتر ثبت گردیده و شرح آن در روزنامه اعلان شده است و به اطلاع عموم رسیده است که در این باب مطالب بسیار است و در شماره آینده بقیه آن درج خواهد شد مقام و

مستمری که از دولت به او داده شده و در دفاتر ثبت گردیده و شرح آن در روزنامه اعلان شده است و به اطلاع عموم رسیده است که در این باب مطالب بسیار است و در شماره آینده بقیه آن درج خواهد شد مقام و منصب و نشان و حقوق

او داده شده و در دفاتر ثبت گردیده و شرح آن در روزنامه اعلان شده است و به اطلاع عموم رسیده است که در این باب مطالب بسیار است و در شماره آینده بقیه آن درج خواهد شد مقام و منصب و نشان و حقوق مستمری که از دولت به

دفاتر ثبت گردیده و شرح آن در روزنامه اعلان شده است و به اطلاع عموم رسیده است که در این باب مطالب بسیار است و در شماره آینده بقیه آن درج خواهد شد مقام و منصب و نشان و حقوق مستمری که از دولت به او داده شده و در

آن در روزنامه اعلان شده است و به اطلاع عموم رسیده است که در این باب مطالب بسیار است و در شماره آینده بقیه آن درج خواهد شد مقام و منصب و نشان و حقوق مستمری که از دولت به او داده شده و در دفاتر ثبت گردیده و شرح

است و به اطلاع عموم رسیده است که در این باب مطالب بسیار است و در شماره آینده بقیه آن درج خواهد شد مقام و منصب و نشان و حقوق مستمری که از دولت به او داده شده و در دفاتر ثبت گردیده و شرح آن در روزنامه اعلان شده

رسیده است که در این باب مطالب بسیار است و در شماره آینده بقیه آن درج خواهد شد مقام و منصب و نشان و حقوق مستمری که از دولت به او داده شده و در دفاتر ثبت گردیده و شرح آن در روزنامه اعلان شده است و به اطلاع عموم

باب مطالب بسیار است و در شماره آینده بقیه آن درج خواهد شد مقام و منصب و نشان و حقوق مستمری که از دولت به او داده شده و در دفاتر ثبت گردیده و شرح آن در روزنامه اعلان شده است و به اطلاع عموم رسیده است که در این

در شماره آینده بقیه آن درج خواهد شد مقام و منصب و نشان و حقوق مستمری که از دولت به او داده شده و در دفاتر ثبت گردیده و شرح آن در روزنامه اعلان شده است و به اطلاع عموم رسیده است که در این باب مطالب بسیار است و
